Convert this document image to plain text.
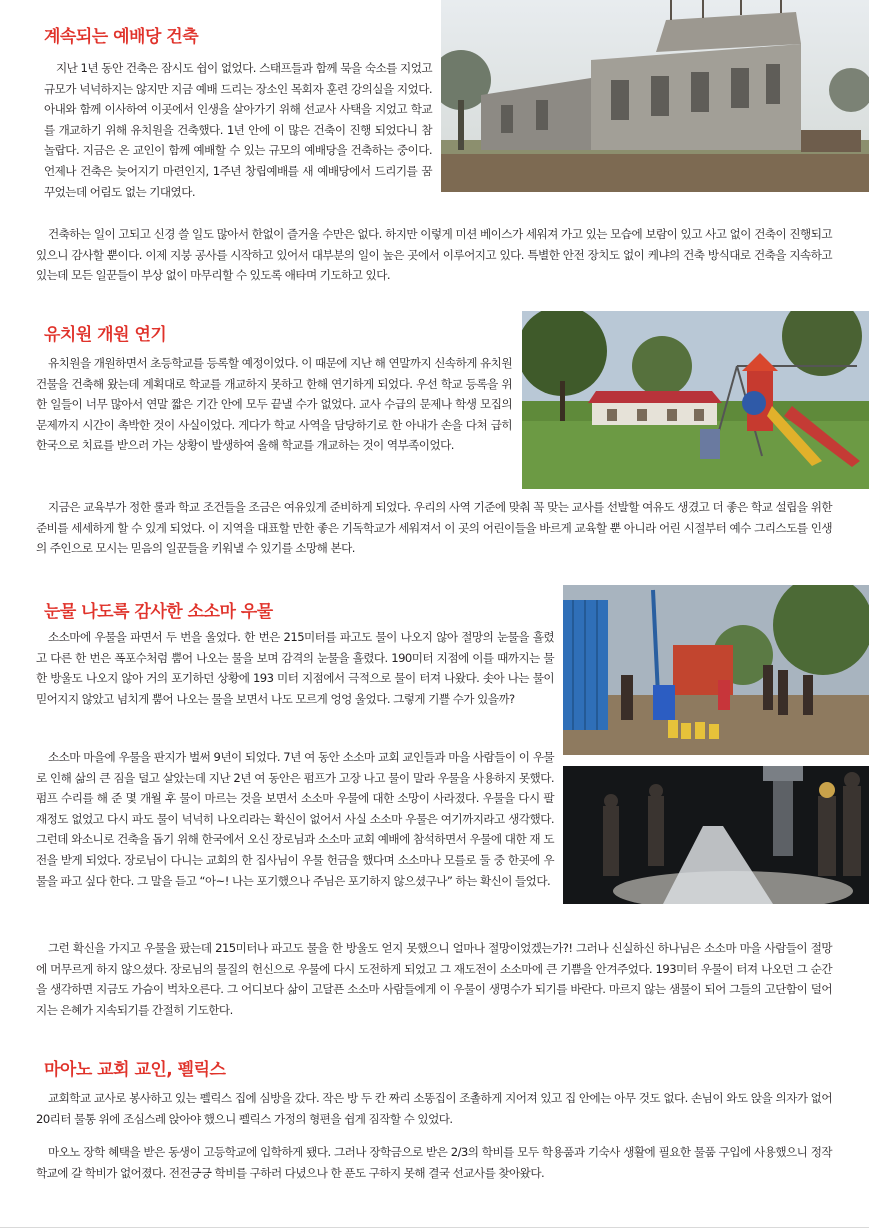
계속되는 예배당 건축

지난 1년 동안 건축은 잠시도 쉽이 없었다. 스태프들과 함께 묵을 숙소를 지었고 규모가 넉넉하지는 않지만 지금 예배 드리는 장소인 목회자 훈련 강의실을 지었다. 아내와 함께 이사하여 이곳에서 인생을 살아가기 위해 선교사 사택을 지었고 학교를 개교하기 위해 유치원을 건축했다. 1년 안에 이 많은 건축이 진행 되었다니 참 놀랍다. 지금은 온 교인이 함께 예배할 수 있는 규모의 예배당을 건축하는 중이다. 언제나 건축은 늦어지기 마련인지, 1주년 창립예배를 새 예배당에서 드리기를 꿈꾸었는데 어림도 없는 기대였다.

건축하는 일이 고되고 신경 쓸 일도 많아서 한없이 즐거울 수만은 없다. 하지만 이렇게 미션 베이스가 세워져 가고 있는 모습에 보람이 있고 사고 없이 건축이 진행되고 있으니 감사할 뿐이다. 이제 지붕 공사를 시작하고 있어서 대부분의 일이 높은 곳에서 이루어지고 있다. 특별한 안전 장치도 없이 케냐의 건축 방식대로 건축을 지속하고 있는데 모든 일꾼들이 부상 없이 마무리할 수 있도록 애타며 기도하고 있다.

유치원 개원 연기

유치원을 개원하면서 초등학교를 등록할 예정이었다. 이 때문에 지난 해 연말까지 신속하게 유치원 건물을 건축해 왔는데 계획대로 학교를 개교하지 못하고 한해 연기하게 되었다. 우선 학교 등록을 위한 일들이 너무 많아서 연말 짧은 기간 안에 모두 끝낼 수가 없었다. 교사 수급의 문제나 학생 모집의 문제까지 시간이 촉박한 것이 사실이었다. 게다가 학교 사역을 담당하기로 한 아내가 손을 다쳐 급히 한국으로 치료를 받으러 가는 상황이 발생하여 올해 학교를 개교하는 것이 역부족이었다.

지금은 교육부가 정한 룰과 학교 조건들을 조금은 여유있게 준비하게 되었다. 우리의 사역 기준에 맞춰 꼭 맞는 교사를 선발할 여유도 생겼고 더 좋은 학교 설립을 위한 준비를 세세하게 할 수 있게 되었다. 이 지역을 대표할 만한 좋은 기독학교가 세워져서 이 곳의 어린이들을 바르게 교육할 뿐 아니라 어린 시절부터 예수 그리스도를 인생의 주인으로 모시는 믿음의 일꾼들을 키워낼 수 있기를 소망해 본다.

눈물 나도록 감사한 소소마 우물

소소마에 우물을 파면서 두 번을 울었다. 한 번은 215미터를 파고도 물이 나오지 않아 절망의 눈물을 흘렸고 다른 한 번은 폭포수처럼 뿜어 나오는 물을 보며 감격의 눈물을 흘렸다. 190미터 지점에 이를 때까지는 물 한 방울도 나오지 않아 거의 포기하던 상황에 193 미터 지점에서 극적으로 물이 터져 나왔다. 솟아 나는 물이 믿어지지 않았고 넘치게 뿜어 나오는 물을 보면서 나도 모르게 엉엉 울었다. 그렇게 기쁠 수가 있을까?

소소마 마을에 우물을 판지가 벌써 9년이 되었다. 7년 여 동안 소소마 교회 교인들과 마을 사람들이 이 우물로 인해 삶의 큰 짐을 덜고 살았는데 지난 2년 여 동안은 펌프가 고장 나고 물이 말라 우물을 사용하지 못했다. 펌프 수리를 해 준 몇 개월 후 물이 마르는 것을 보면서 소소마 우물에 대한 소망이 사라졌다. 우물을 다시 팔 재정도 없었고 다시 파도 물이 넉넉히 나오리라는 확신이 없어서 사실 소소마 우물은 여기까지라고 생각했다. 그런데 와소니로 건축을 돕기 위해 한국에서 오신 장로님과 소소마 교회 예배에 참석하면서 우물에 대한 재 도전을 받게 되었다. 장로님이 다니는 교회의 한 집사님이 우물 헌금을 했다며 소소마나 모를로 둘 중 한곳에 우물을 파고 싶다 한다. 그 말을 듣고 “아~! 나는 포기했으나 주님은 포기하지 않으셨구나” 하는 확신이 들었다.

그런 확신을 가지고 우물을 팠는데 215미터나 파고도 물을 한 방울도 얻지 못했으니 얼마나 절망이었겠는가?! 그러나 신실하신 하나님은 소소마 마을 사람들이 절망에 머무르게 하지 않으셨다. 장로님의 물질의 헌신으로 우물에 다시 도전하게 되었고 그 재도전이 소소마에 큰 기쁨을 안겨주었다. 193미터 우물이 터져 나오던 그 순간을 생각하면 지금도 가슴이 벅차오른다. 그 어디보다 삶이 고달픈 소소마 사람들에게 이 우물이 생명수가 되기를 바란다. 마르지 않는 샘물이 되어 그들의 고단함이 덜어지는 은혜가 지속되기를 간절히 기도한다.

마아노 교회 교인, 펠릭스

교회학교 교사로 봉사하고 있는 펠릭스 집에 심방을 갔다. 작은 방 두 칸 짜리 소똥집이 조촐하게 지어져 있고 집 안에는 아무 것도 없다. 손님이 와도 앉을 의자가 없어 20리터 물통 위에 조심스레 앉아야 했으니 펠릭스 가정의 형편을 쉽게 짐작할 수 있었다.

마오노 장학 혜택을 받은 동생이 고등학교에 입학하게 됐다. 그러나 장학금으로 받은 2/3의 학비를 모두 학용품과 기숙사 생활에 필요한 물품 구입에 사용했으니 정작 학교에 갈 학비가 없어졌다. 전전긍긍 학비를 구하러 다녔으나 한 푼도 구하지 못해 결국 선교사를 찾아왔다.
